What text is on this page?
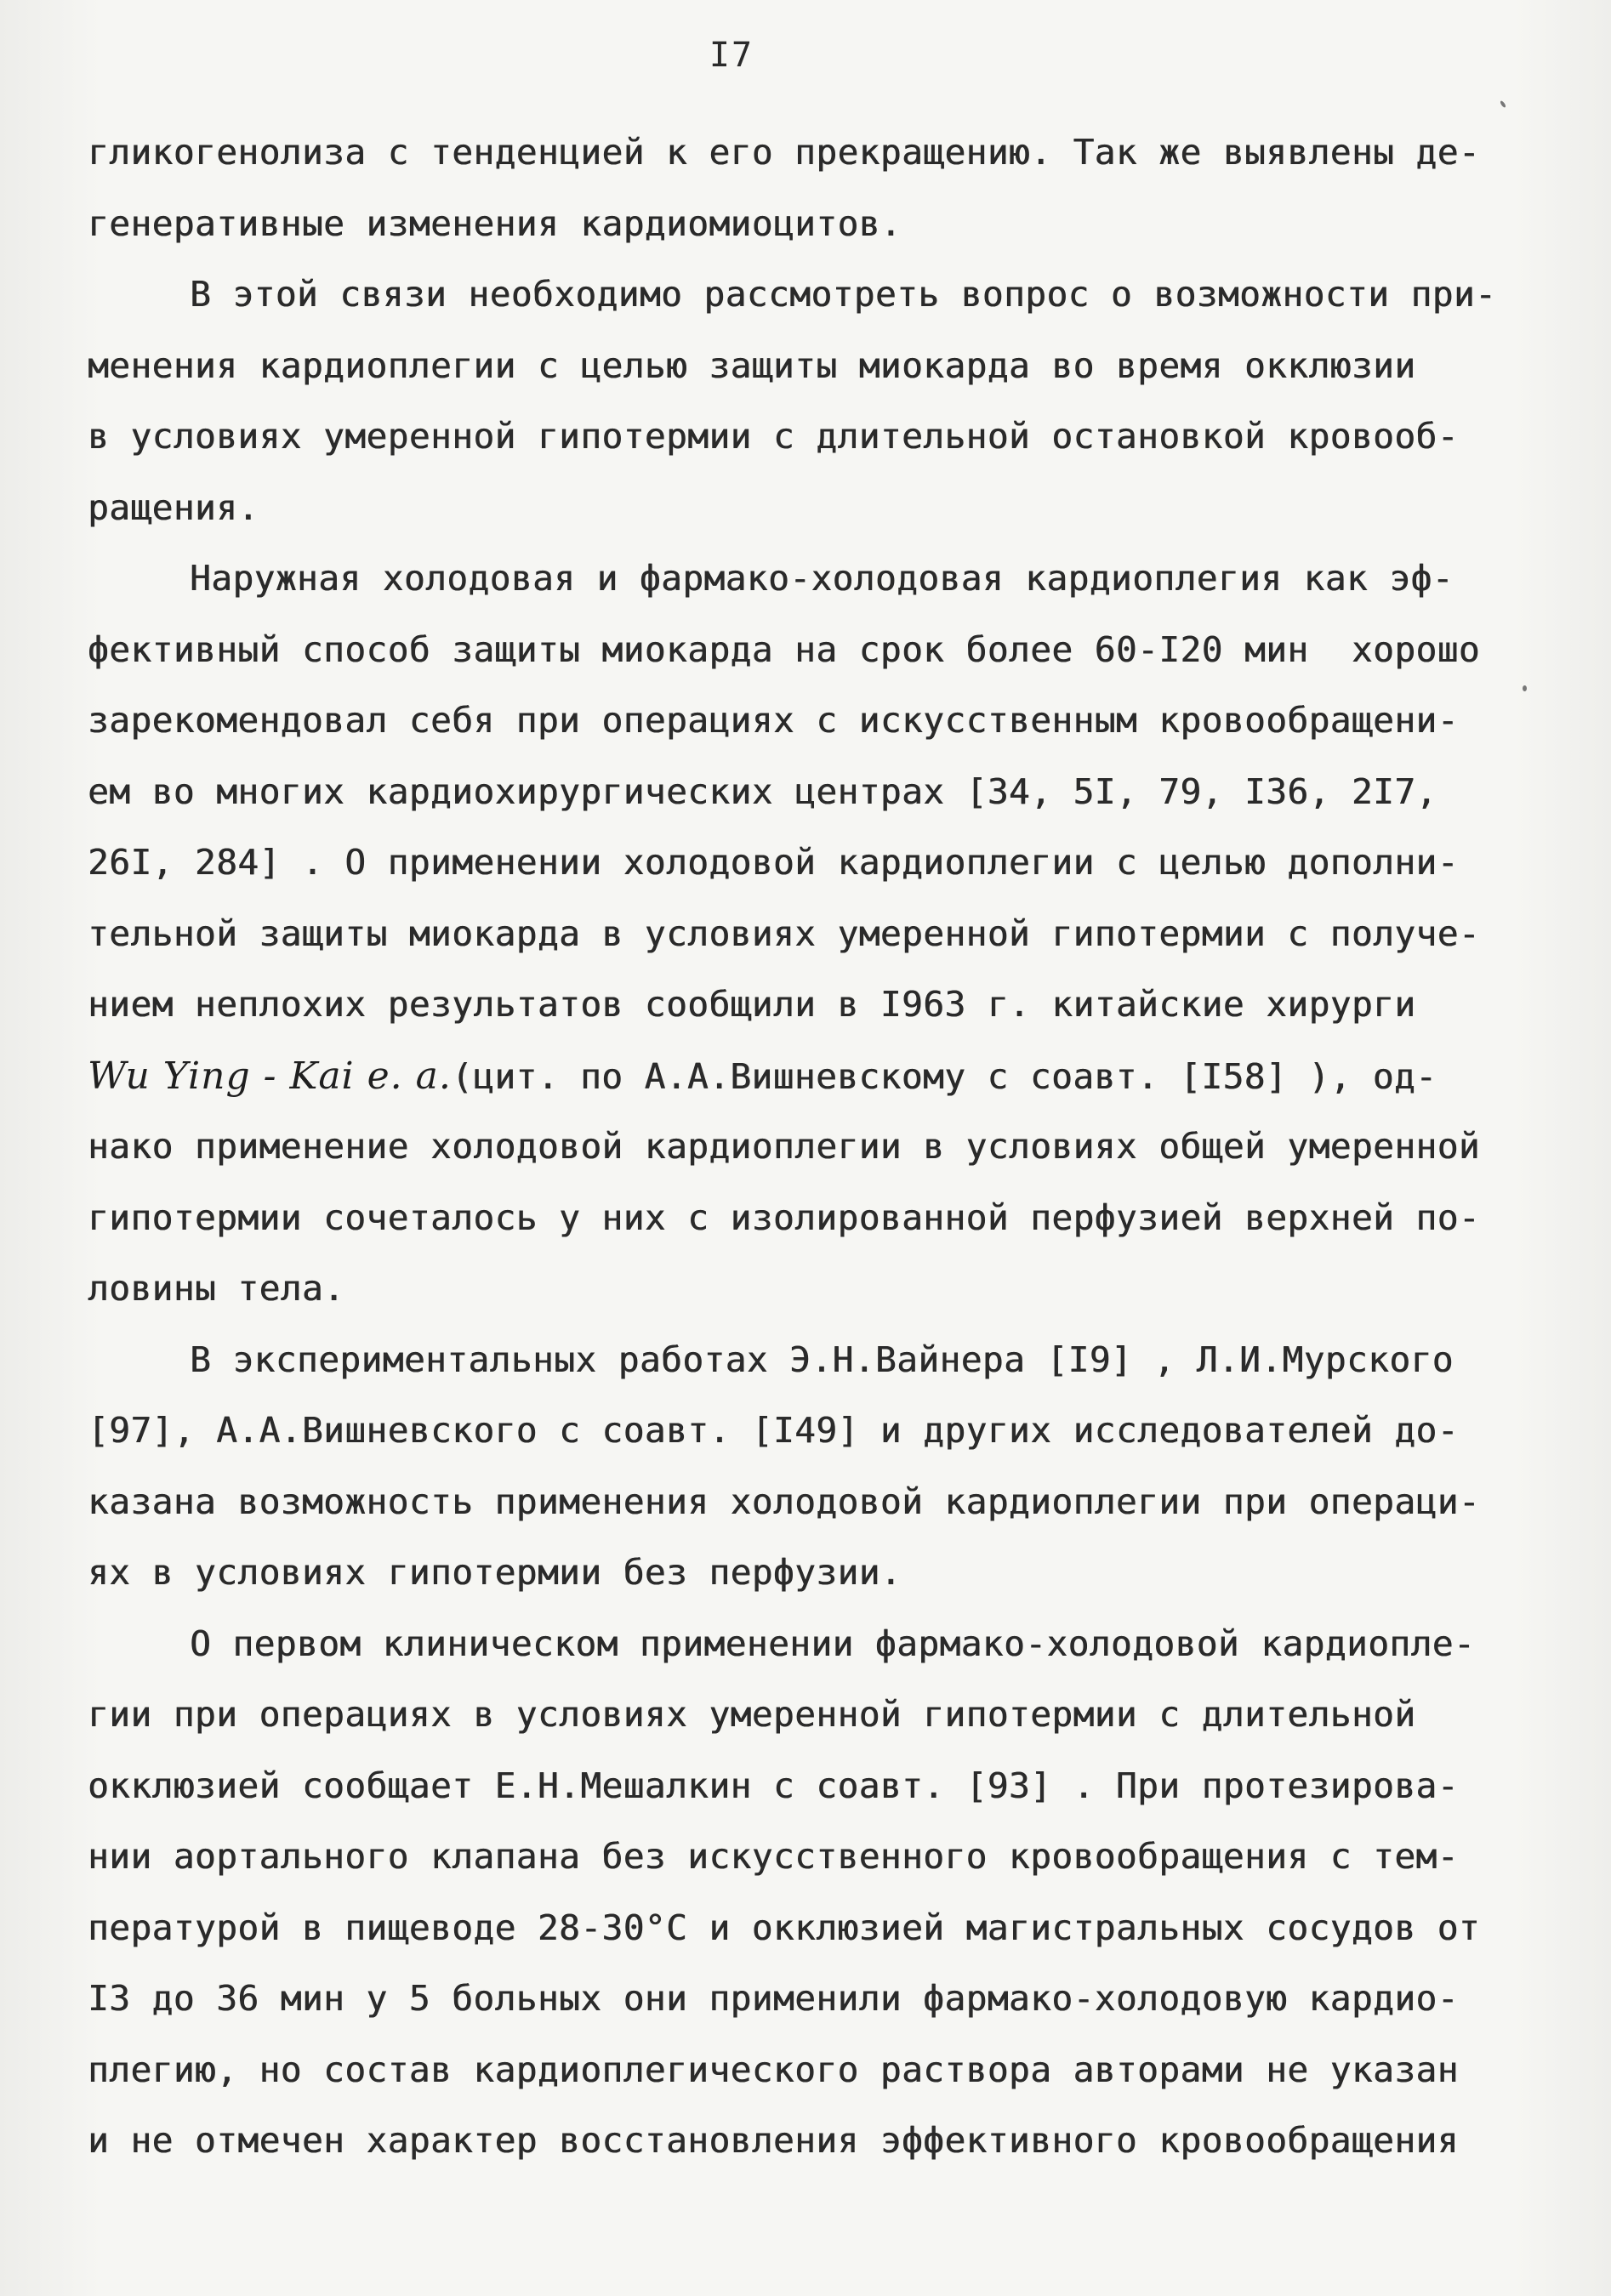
I7
гликогенолиза с тенденцией к его прекращению. Так же выявлены де-
генеративные изменения кардиомиоцитов.
В этой связи необходимо рассмотреть вопрос о возможности при-
менения кардиоплегии с целью защиты миокарда во время окклюзии
в условиях умеренной гипотермии с длительной остановкой кровооб-
ращения.
Наружная холодовая и фармако-холодовая кардиоплегия как эф-
фективный способ защиты миокарда на срок более 60-I20 мин  хорошо
зарекомендовал себя при операциях с искусственным кровообращени-
ем во многих кардиохирургических центрах [34, 5I, 79, I36, 2I7,
26I, 284] . О применении холодовой кардиоплегии с целью дополни-
тельной защиты миокарда в условиях умеренной гипотермии с получе-
нием неплохих результатов сообщили в I963 г. китайские хирурги
Wu Ying - Kai e. a.(цит. по А.А.Вишневскому с соавт. [I58] ), од-
нако применение холодовой кардиоплегии в условиях общей умеренной
гипотермии сочеталось у них с изолированной перфузией верхней по-
ловины тела.
В экспериментальных работах Э.Н.Вайнера [I9] , Л.И.Мурского
[97], А.А.Вишневского с соавт. [I49] и других исследователей до-
казана возможность применения холодовой кардиоплегии при операци-
ях в условиях гипотермии без перфузии.
О первом клиническом применении фармако-холодовой кардиопле-
гии при операциях в условиях умеренной гипотермии с длительной
окклюзией сообщает Е.Н.Мешалкин с соавт. [93] . При протезирова-
нии аортального клапана без искусственного кровообращения с тем-
пературой в пищеводе 28-30°С и окклюзией магистральных сосудов от
I3 до 36 мин у 5 больных они применили фармако-холодовую кардио-
плегию, но состав кардиоплегического раствора авторами не указан
и не отмечен характер восстановления эффективного кровообращения
